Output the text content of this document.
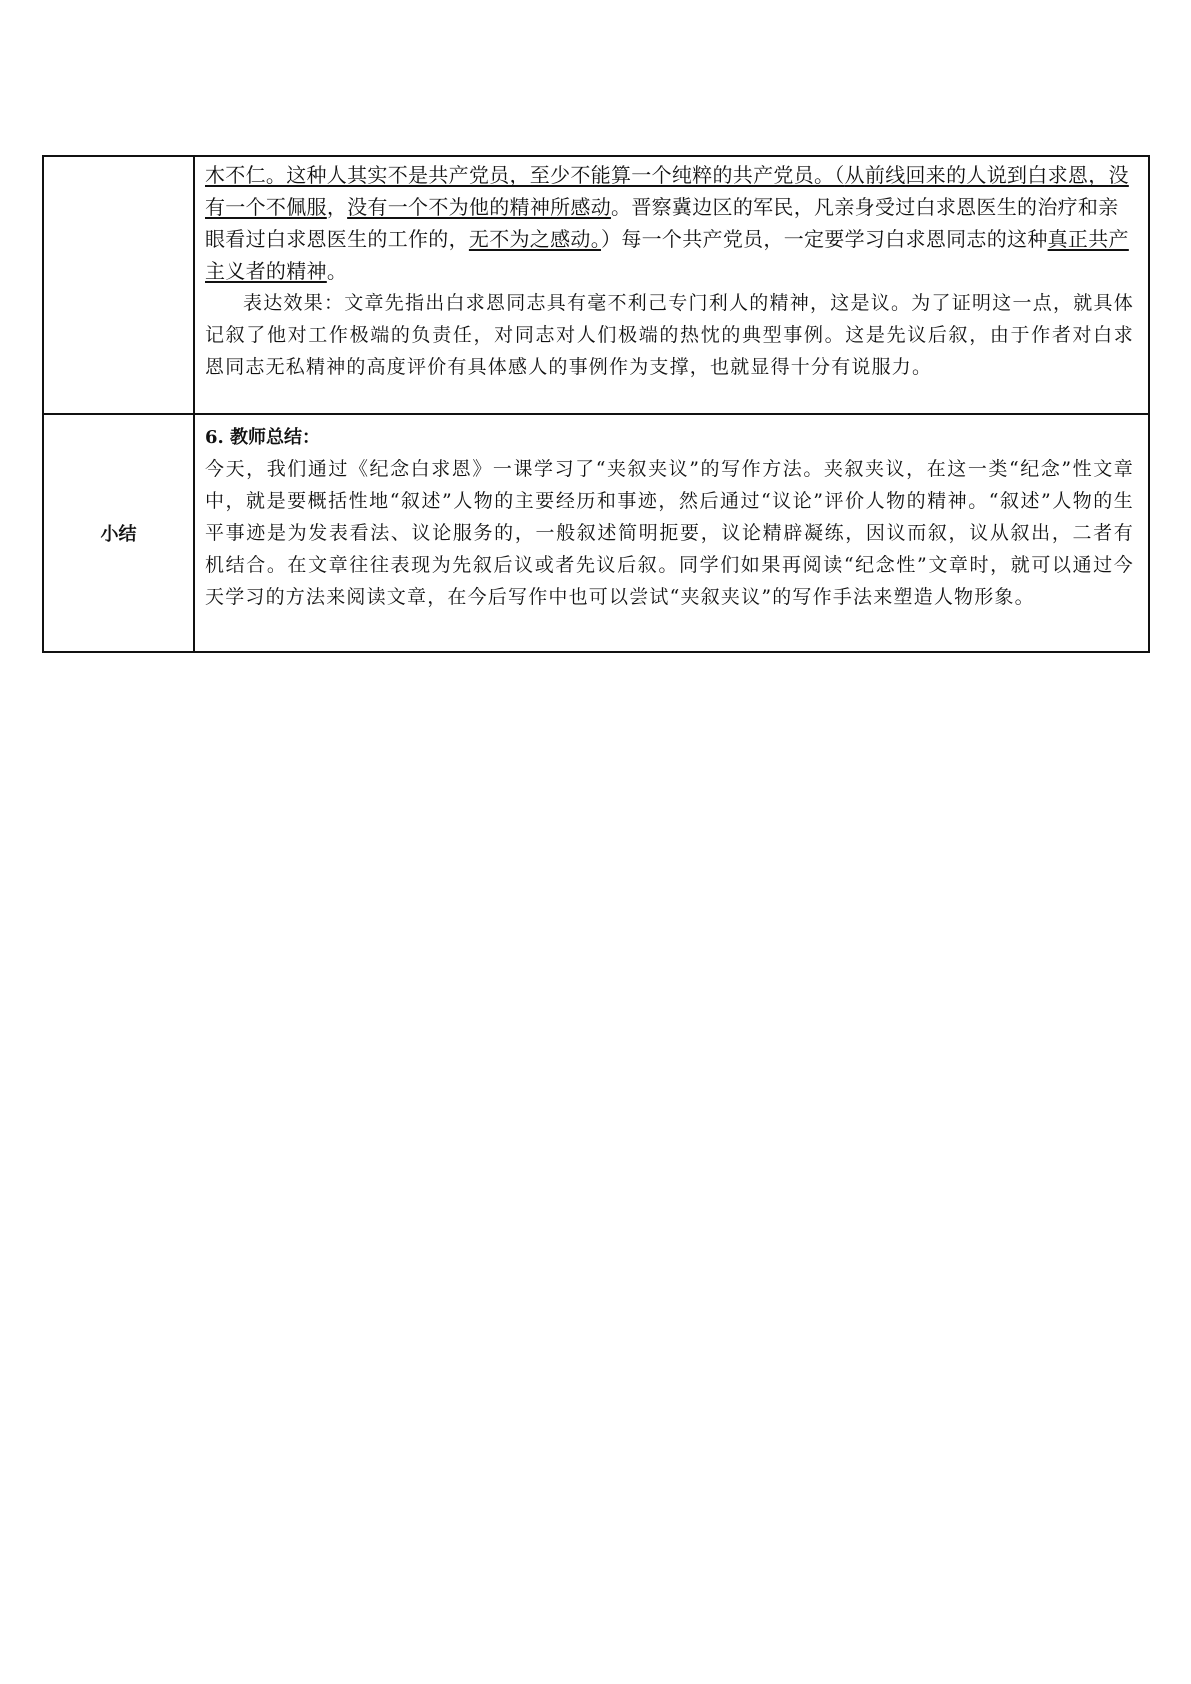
	木不仁。这种人其实不是共产党员，至少不能算一个纯粹的共产党员。（从前线回来的人说到白求恩，没有一个不佩服，没有一个不为他的精神所感动。晋察冀边区的军民，凡亲身受过白求恩医生的治疗和亲眼看过白求恩医生的工作的，无不为之感动。）每一个共产党员，一定要学习白求恩同志的这种真正共产主义者的精神。

表达效果：文章先指出白求恩同志具有毫不利己专门利人的精神，这是议。为了证明这一点，就具体记叙了他对工作极端的负责任，对同志对人们极端的热忱的典型事例。这是先议后叙，由于作者对白求恩同志无私精神的高度评价有具体感人的事例作为支撑，也就显得十分有说服力。

小结	6. 教师总结：

今天，我们通过《纪念白求恩》一课学习了“夹叙夹议”的写作方法。夹叙夹议，在这一类“纪念”性文章中，就是要概括性地“叙述”人物的主要经历和事迹，然后通过“议论”评价人物的精神。“叙述”人物的生平事迹是为发表看法、议论服务的，一般叙述简明扼要，议论精辟凝练，因议而叙，议从叙出，二者有机结合。在文章往往表现为先叙后议或者先议后叙。同学们如果再阅读“纪念性”文章时，就可以通过今天学习的方法来阅读文章，在今后写作中也可以尝试“夹叙夹议”的写作手法来塑造人物形象。
